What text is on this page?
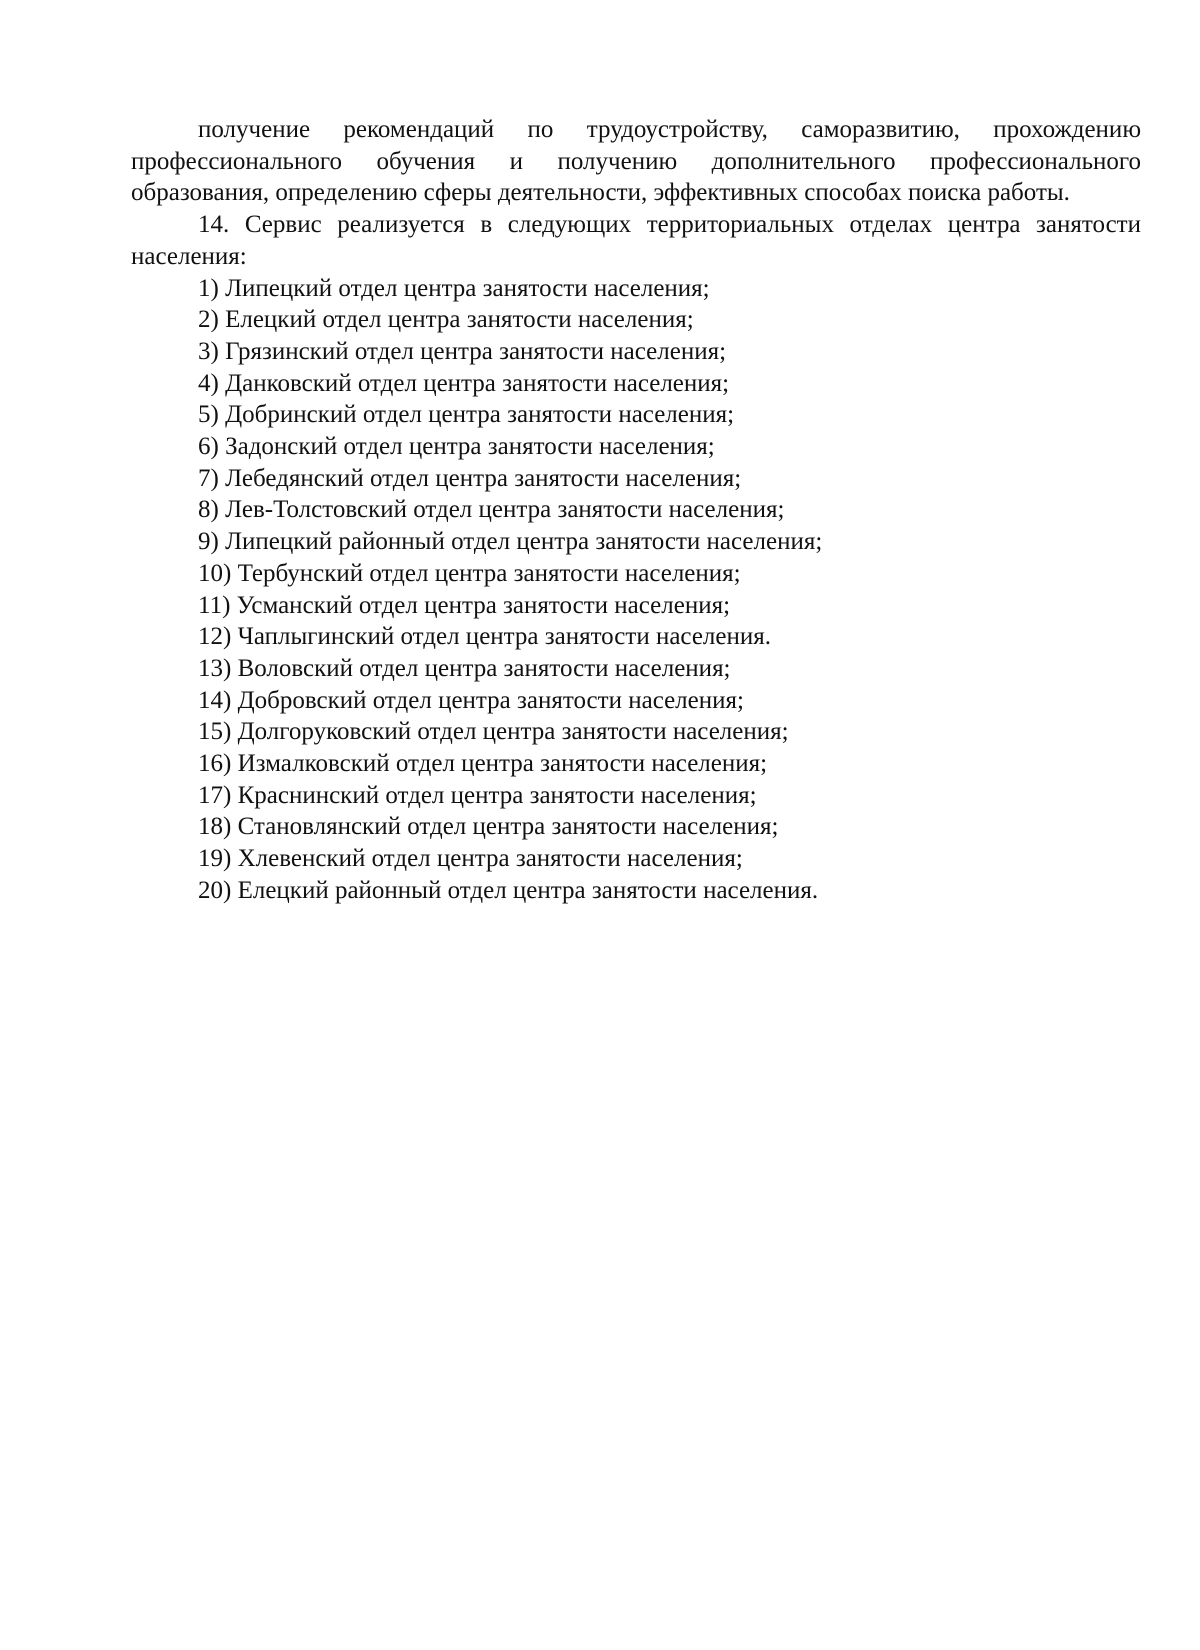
получение рекомендаций по трудоустройству, саморазвитию, прохождению профессионального обучения и получению дополнительного профессионального образования, определению сферы деятельности, эффективных способах поиска работы.

14. Сервис реализуется в следующих территориальных отделах центра занятости населения:

1) Липецкий отдел центра занятости населения;
2) Елецкий отдел центра занятости населения;
3) Грязинский отдел центра занятости населения;
4) Данковский отдел центра занятости населения;
5) Добринский отдел центра занятости населения;
6) Задонский отдел центра занятости населения;
7) Лебедянский отдел центра занятости населения;
8) Лев-Толстовский отдел центра занятости населения;
9) Липецкий районный отдел центра занятости населения;
10) Тербунский отдел центра занятости населения;
11) Усманский отдел центра занятости населения;
12) Чаплыгинский отдел центра занятости населения.
13) Воловский отдел центра занятости населения;
14) Добровский отдел центра занятости населения;
15) Долгоруковский отдел центра занятости населения;
16) Измалковский отдел центра занятости населения;
17) Краснинский отдел центра занятости населения;
18) Становлянский отдел центра занятости населения;
19) Хлевенский отдел центра занятости населения;
20) Елецкий районный отдел центра занятости населения.
